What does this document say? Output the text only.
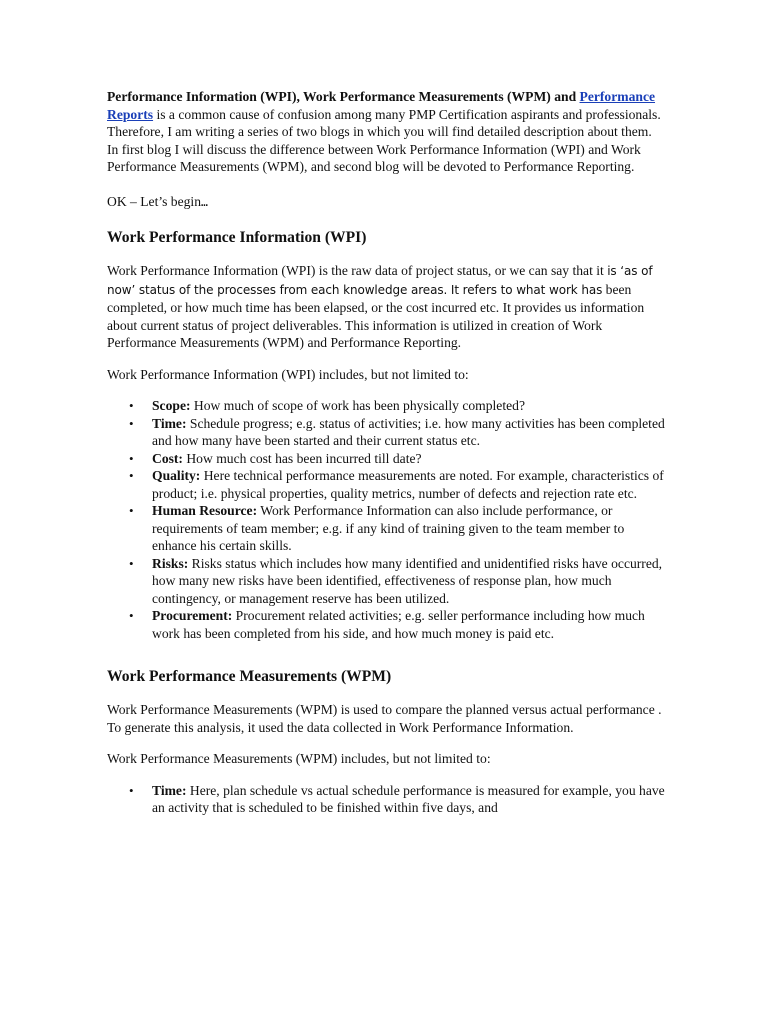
Performance Information (WPI), Work Performance Measurements (WPM) and Performance Reports is a common cause of confusion among many PMP Certification aspirants and professionals. Therefore, I am writing a series of two blogs in which you will find detailed description about them. In first blog I will discuss the difference between Work Performance Information (WPI) and Work Performance Measurements (WPM), and second blog will be devoted to Performance Reporting.

OK – Let’s begin…

Work Performance Information (WPI)

Work Performance Information (WPI) is the raw data of project status, or we can say that it is ‘as of now’ status of the processes from each knowledge areas. It refers to what work has been completed, or how much time has been elapsed, or the cost incurred etc. It provides us information about current status of project deliverables. This information is utilized in creation of Work Performance Measurements (WPM) and Performance Reporting.

Work Performance Information (WPI) includes, but not limited to:

• Scope: How much of scope of work has been physically completed?
• Time: Schedule progress; e.g. status of activities; i.e. how many activities has been completed and how many have been started and their current status etc.
• Cost: How much cost has been incurred till date?
• Quality: Here technical performance measurements are noted. For example, characteristics of product; i.e. physical properties, quality metrics, number of defects and rejection rate etc.
• Human Resource: Work Performance Information can also include performance, or requirements of team member; e.g. if any kind of training given to the team member to enhance his certain skills.
• Risks: Risks status which includes how many identified and unidentified risks have occurred, how many new risks have been identified, effectiveness of response plan, how much contingency, or management reserve has been utilized.
• Procurement: Procurement related activities; e.g. seller performance including how much work has been completed from his side, and how much money is paid etc.
Work Performance Measurements (WPM)

Work Performance Measurements (WPM) is used to compare the planned versus actual performance . To generate this analysis, it used the data collected in Work Performance Information.

Work Performance Measurements (WPM) includes, but not limited to:

• Time: Here, plan schedule vs actual schedule performance is measured for example, you have an activity that is scheduled to be finished within five days, and
